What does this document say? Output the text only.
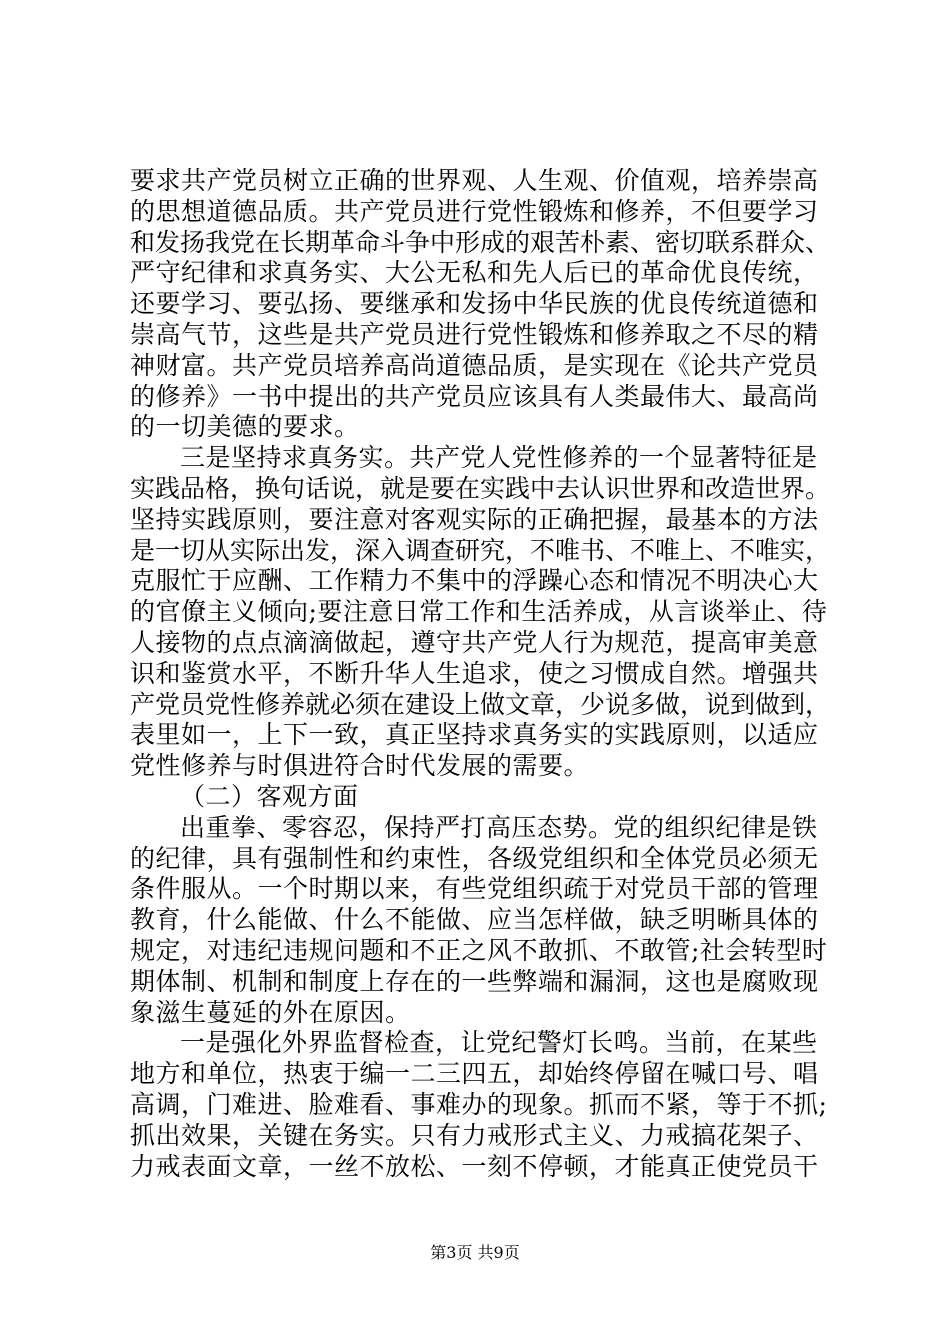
要求共产党员树立正确的世界观、人生观、价值观，培养崇高
的思想道德品质。共产党员进行党性锻炼和修养，不但要学习
和发扬我党在长期革命斗争中形成的艰苦朴素、密切联系群众、
严守纪律和求真务实、大公无私和先人后已的革命优良传统，
还要学习、要弘扬、要继承和发扬中华民族的优良传统道德和
崇高气节，这些是共产党员进行党性锻炼和修养取之不尽的精
神财富。共产党员培养高尚道德品质，是实现在《论共产党员
的修养》一书中提出的共产党员应该具有人类最伟大、最高尚
的一切美德的要求。
三是坚持求真务实。共产党人党性修养的一个显著特征是
实践品格，换句话说，就是要在实践中去认识世界和改造世界。
坚持实践原则，要注意对客观实际的正确把握，最基本的方法
是一切从实际出发，深入调查研究，不唯书、不唯上、不唯实，
克服忙于应酬、工作精力不集中的浮躁心态和情况不明决心大
的官僚主义倾向;要注意日常工作和生活养成，从言谈举止、待
人接物的点点滴滴做起，遵守共产党人行为规范，提高审美意
识和鉴赏水平，不断升华人生追求，使之习惯成自然。增强共
产党员党性修养就必须在建设上做文章，少说多做，说到做到，
表里如一，上下一致，真正坚持求真务实的实践原则，以适应
党性修养与时俱进符合时代发展的需要。
（二）客观方面
出重拳、零容忍，保持严打高压态势。党的组织纪律是铁
的纪律，具有强制性和约束性，各级党组织和全体党员必须无
条件服从。一个时期以来，有些党组织疏于对党员干部的管理
教育，什么能做、什么不能做、应当怎样做，缺乏明晰具体的
规定，对违纪违规问题和不正之风不敢抓、不敢管;社会转型时
期体制、机制和制度上存在的一些弊端和漏洞，这也是腐败现
象滋生蔓延的外在原因。
一是强化外界监督检查，让党纪警灯长鸣。当前，在某些
地方和单位，热衷于编一二三四五，却始终停留在喊口号、唱
高调，门难进、脸难看、事难办的现象。抓而不紧，等于不抓;
抓出效果，关键在务实。只有力戒形式主义、力戒搞花架子、
力戒表面文章，一丝不放松、一刻不停顿，才能真正使党员干
第3页 共9页
